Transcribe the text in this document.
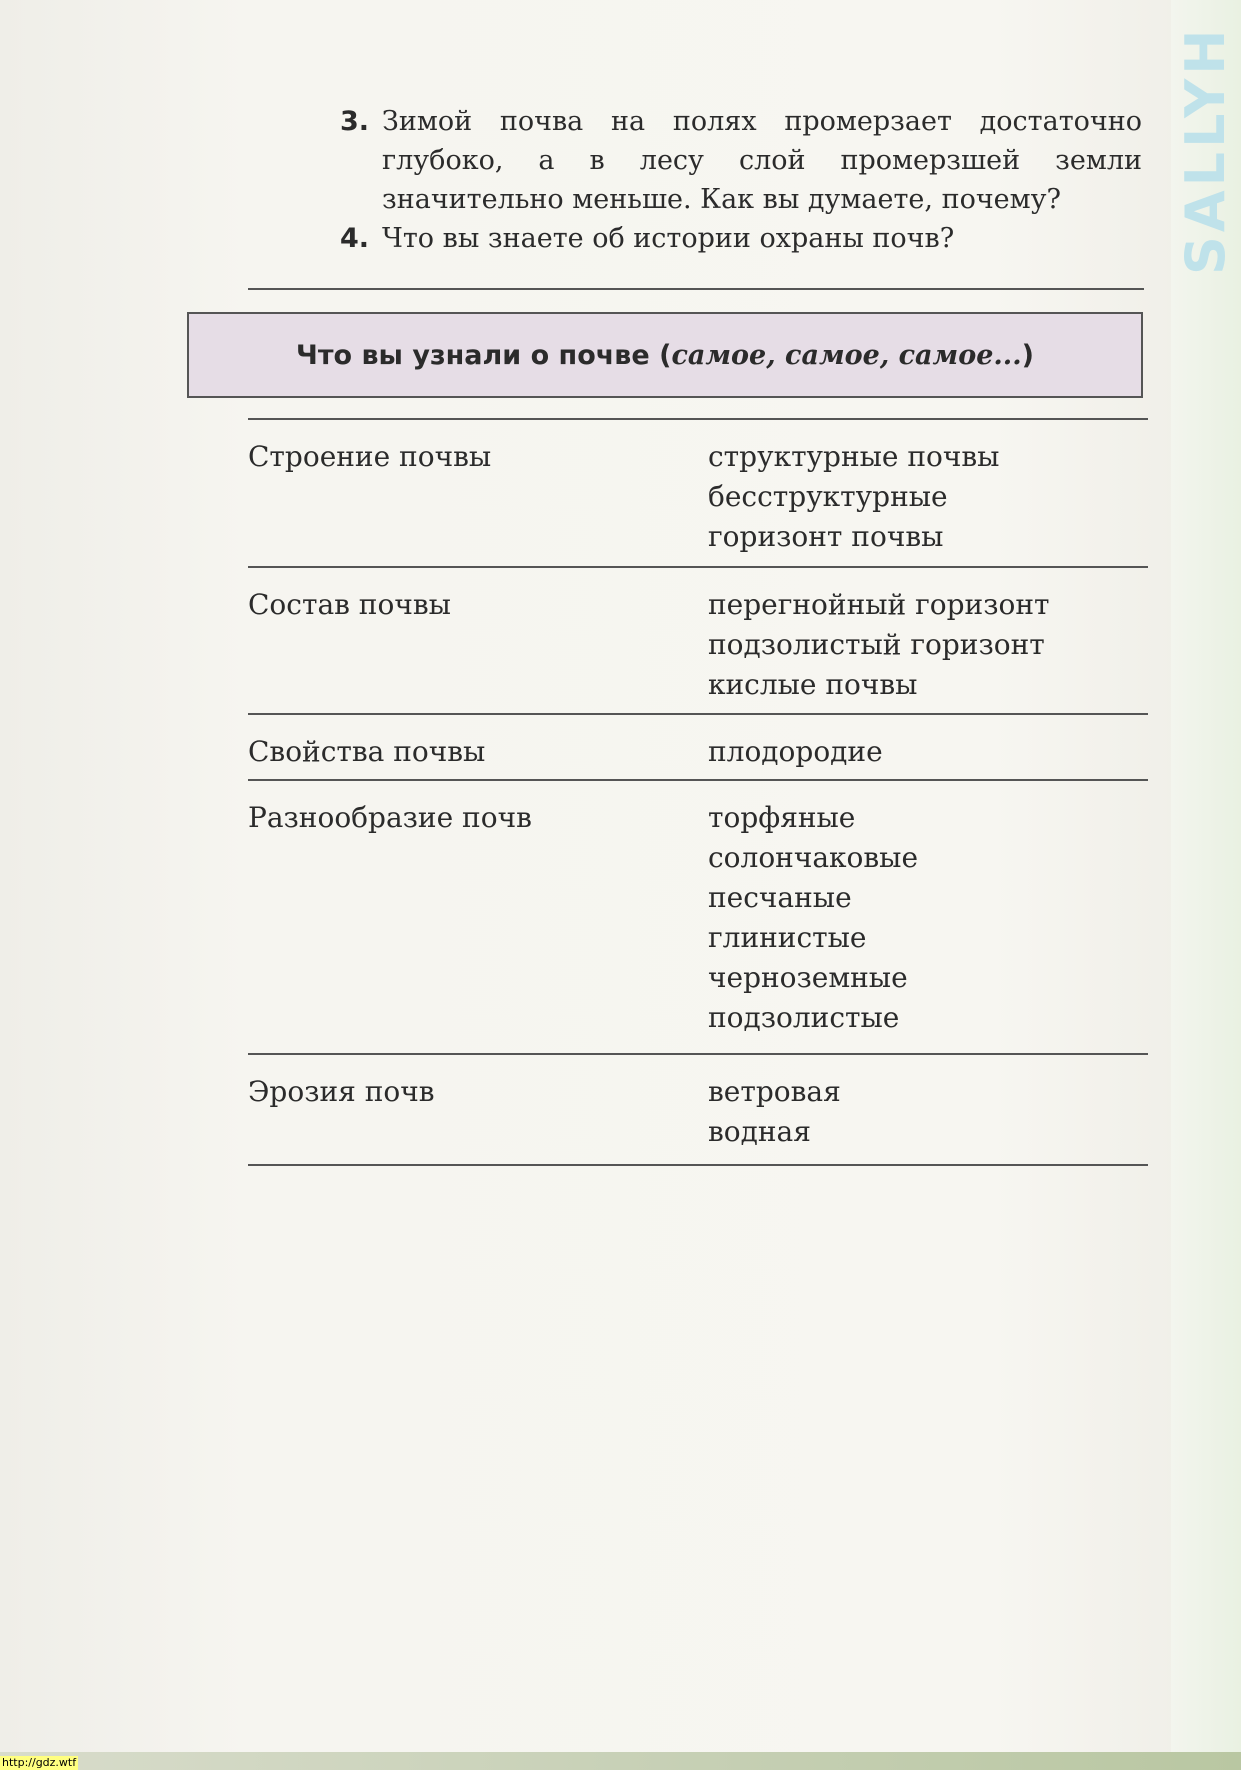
SALLYH
3. Зимой почва на полях промерзает достаточно глубоко, а в лесу слой промерзшей земли значительно меньше. Как вы думаете, почему?
4. Что вы знаете об истории охраны почв?
Что вы узнали о почве ( самое, самое, самое... )
Строение почвы	структурные почвы
бесструктурные
горизонт почвы
Состав почвы	перегнойный горизонт
подзолистый горизонт
кислые почвы
Свойства почвы	плодородие
Разнообразие почв	торфяные
солончаковые
песчаные
глинистые
черноземные
подзолистые
Эрозия почв	ветровая
водная
http://gdz.wtf
